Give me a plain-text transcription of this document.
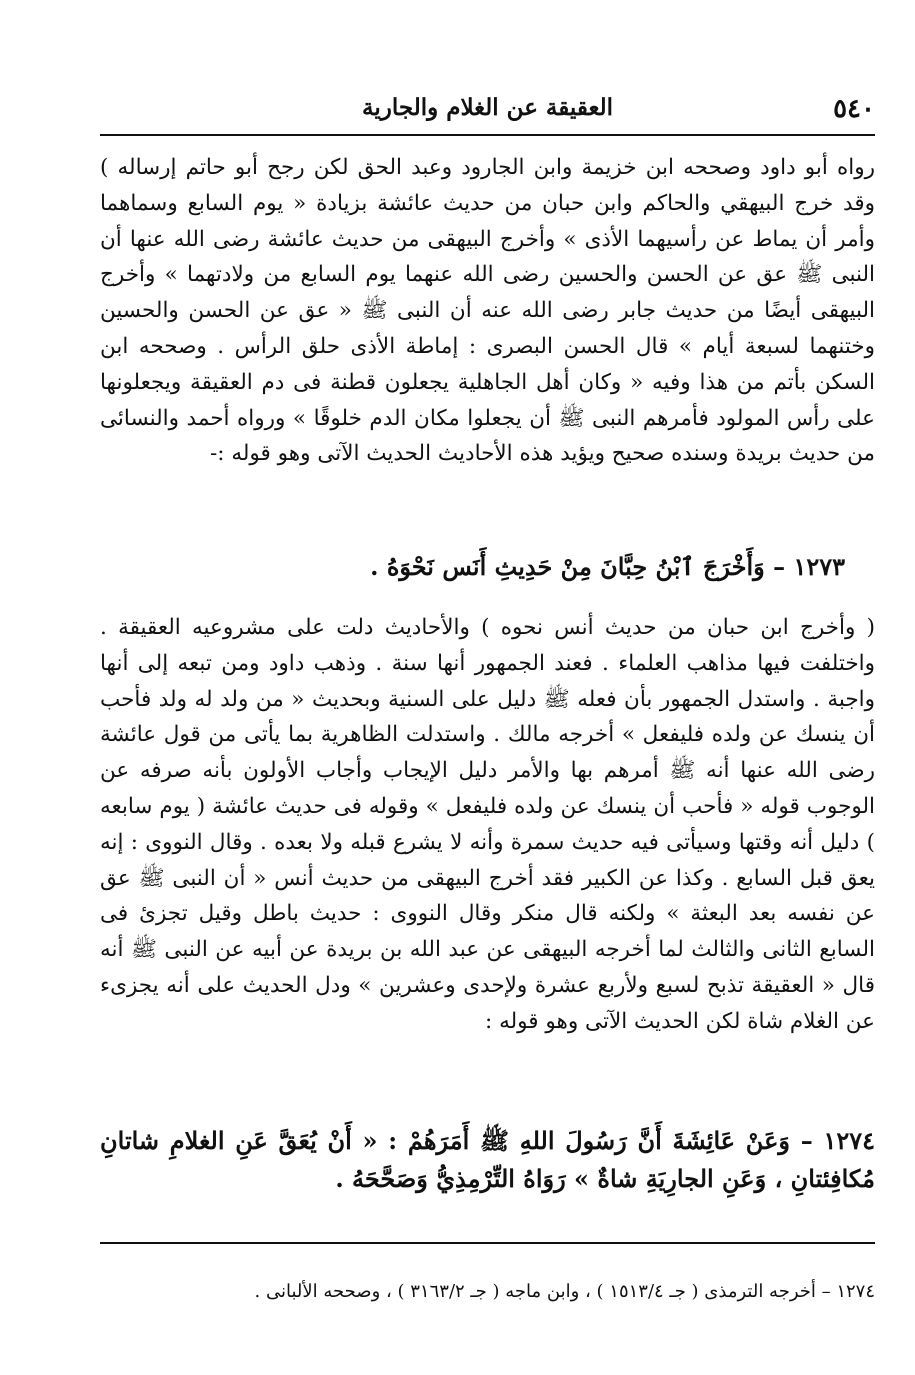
٥٤٠
العقيقة عن الغلام والجارية

رواه أبو داود وصححه ابن خزيمة وابن الجارود وعبد الحق لكن رجح أبو حاتم إرساله ) وقد خرج البيهقي والحاكم وابن حبان من حديث عائشة بزيادة « يوم السابع وسماهما وأمر أن يماط عن رأسيهما الأذى » وأخرج البيهقى من حديث عائشة رضى الله عنها أن النبى ﷺ عق عن الحسن والحسين رضى الله عنهما يوم السابع من ولادتهما » وأخرج البيهقى أيضًا من حديث جابر رضى الله عنه أن النبى ﷺ « عق عن الحسن والحسين وختنهما لسبعة أيام » قال الحسن البصرى : إماطة الأذى حلق الرأس . وصححه ابن السكن بأتم من هذا وفيه « وكان أهل الجاهلية يجعلون قطنة فى دم العقيقة ويجعلونها على رأس المولود فأمرهم النبى ﷺ أن يجعلوا مكان الدم خلوقًا » ورواه أحمد والنسائى من حديث بريدة وسنده صحيح ويؤيد هذه الأحاديث الحديث الآتى وهو قوله :-

١٢٧٣ – وَأَخْرَجَ ٱبْنُ حِبَّانَ مِنْ حَدِيثِ أَنَس نَحْوَهُ .

( وأخرج ابن حبان من حديث أنس نحوه ) والأحاديث دلت على مشروعيه العقيقة . واختلفت فيها مذاهب العلماء . فعند الجمهور أنها سنة . وذهب داود ومن تبعه إلى أنها واجبة . واستدل الجمهور بأن فعله ﷺ دليل على السنية وبحديث « من ولد له ولد فأحب أن ينسك عن ولده فليفعل » أخرجه مالك . واستدلت الظاهرية بما يأتى من قول عائشة رضى الله عنها أنه ﷺ أمرهم بها والأمر دليل الإيجاب وأجاب الأولون بأنه صرفه عن الوجوب قوله « فأحب أن ينسك عن ولده فليفعل » وقوله فى حديث عائشة ( يوم سابعه ) دليل أنه وقتها وسيأتى فيه حديث سمرة وأنه لا يشرع قبله ولا بعده . وقال النووى : إنه يعق قبل السابع . وكذا عن الكبير فقد أخرج البيهقى من حديث أنس « أن النبى ﷺ عق عن نفسه بعد البعثة » ولكنه قال منكر وقال النووى : حديث باطل وقيل تجزئ فى السابع الثانى والثالث لما أخرجه البيهقى عن عبد الله بن بريدة عن أبيه عن النبى ﷺ أنه قال « العقيقة تذبح لسبع ولأربع عشرة ولإحدى وعشرين » ودل الحديث على أنه يجزىء عن الغلام شاة لكن الحديث الآتى وهو قوله :

١٢٧٤ – وَعَنْ عَائِشَةَ أَنَّ رَسُولَ اللهِ ﷺ أَمَرَهُمْ : « أَنْ يُعَقَّ عَنِ الغلامِ شاتانِ مُكافِئتانِ ، وَعَنِ الجارِيَةِ شاةٌ » رَوَاهُ التِّرْمِذِيُّ وَصَحَّحَهُ .
١٢٧٤ – أخرجه الترمذى ( جـ ١٥١٣/٤ ) ، وابن ماجه ( جـ ٣١٦٣/٢ ) ، وصححه الألبانى .
